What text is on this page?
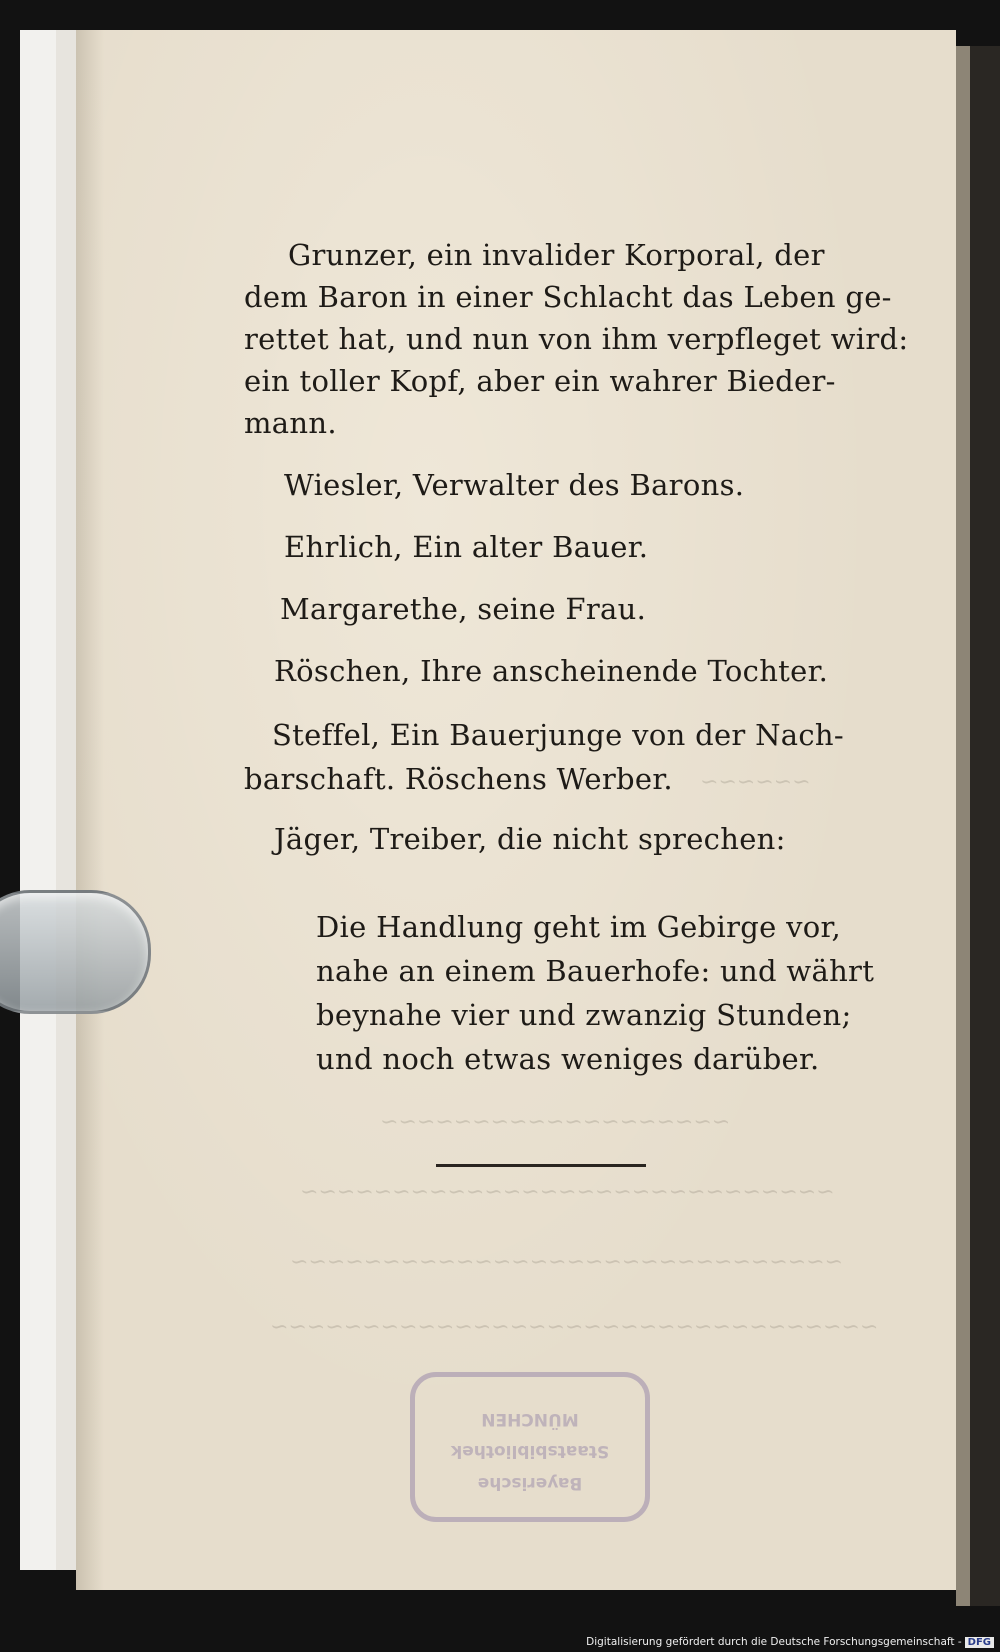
~~~~~~
~~~~~~~~~~~~~~~~~~~
~~~~~~~~~~~~~~~~~~~~~~~~~~~~~
~~~~~~~~~~~~~~~~~~~~~~~~~~~~~~
~~~~~~~~~~~~~~~~~~~~~~~~~~~~~~~~~
Grunzer, ein invalider Korporal, der
dem Baron in einer Schlacht das Leben ge-
rettet hat, und nun von ihm verpfleget wird:
ein toller Kopf, aber ein wahrer Bieder-
mann.
Wiesler, Verwalter des Barons.
Ehrlich, Ein alter Bauer.
Margarethe, seine Frau.
Röschen, Ihre anscheinende Tochter.
Steffel, Ein Bauerjunge von der Nach-
barschaft. Röschens Werber.
Jäger, Treiber, die nicht sprechen:
Die Handlung geht im Gebirge vor,
nahe an einem Bauerhofe: und währt
beynahe vier und zwanzig Stunden;
und noch etwas weniges darüber.
Bayerische
Staatsbibliothek
MÜNCHEN
Digitalisierung gefördert durch die Deutsche Forschungsgemeinschaft - DFG
